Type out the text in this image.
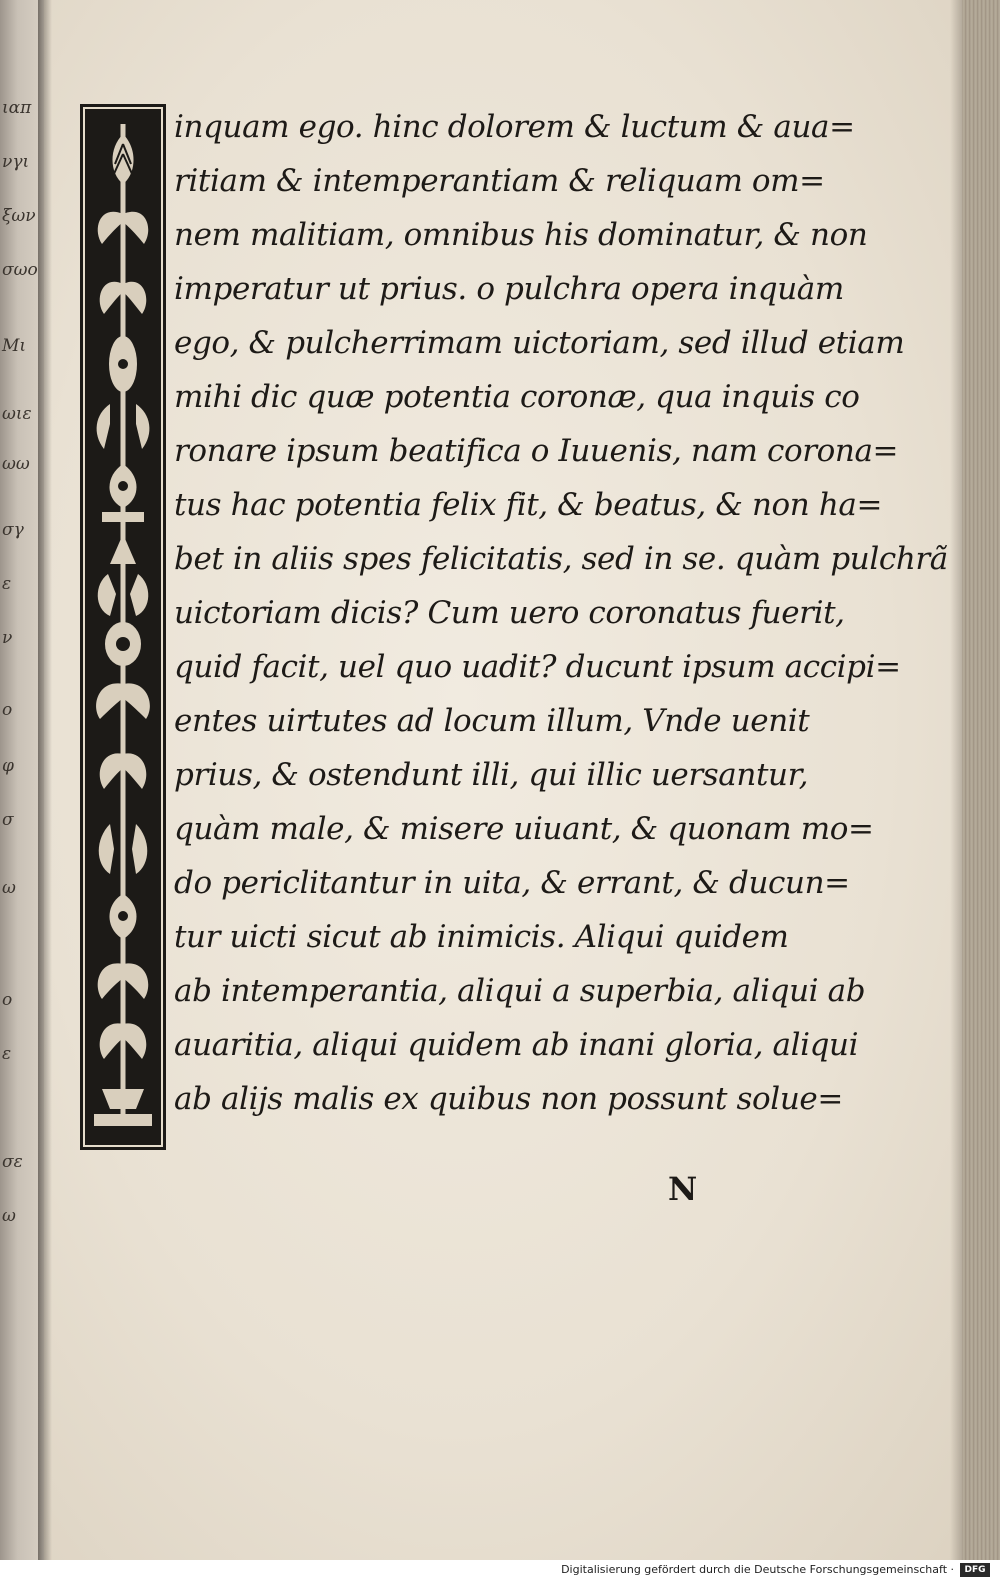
ιαπ
νγι
ξων
σωο
Μι
ωιε
ωω
σγ
ε
ν
ο
φ
σ
ω
ο
ε
σε
ω
inquam ego. hinc dolorem & luctum & aua=
ritiam & intemperantiam & reliquam om=
nem malitiam, omnibus his dominatur, & non
imperatur ut prius. o pulchra opera inquàm
ego, & pulcherrimam uictoriam, sed illud etiam
mihi dic quæ potentia coronæ, qua inquis co
ronare ipsum beatifica o Iuuenis, nam corona=
tus hac potentia felix fit, & beatus, & non ha=
bet in aliis spes felicitatis, sed in se. quàm pulchrã
uictoriam dicis? Cum uero coronatus fuerit,
quid facit, uel quo uadit? ducunt ipsum accipi=
entes uirtutes ad locum illum, Vnde uenit
prius, & ostendunt illi, qui illic uersantur,
quàm male, & misere uiuant, & quonam mo=
do periclitantur in uita, & errant, & ducun=
tur uicti sicut ab inimicis. Aliqui quidem
ab intemperantia, aliqui a superbia, aliqui ab
auaritia, aliqui quidem ab inani gloria, aliqui
ab alijs malis ex quibus non possunt solue=
N
Digitalisierung gefördert durch die Deutsche Forschungsgemeinschaft ·	DFG
